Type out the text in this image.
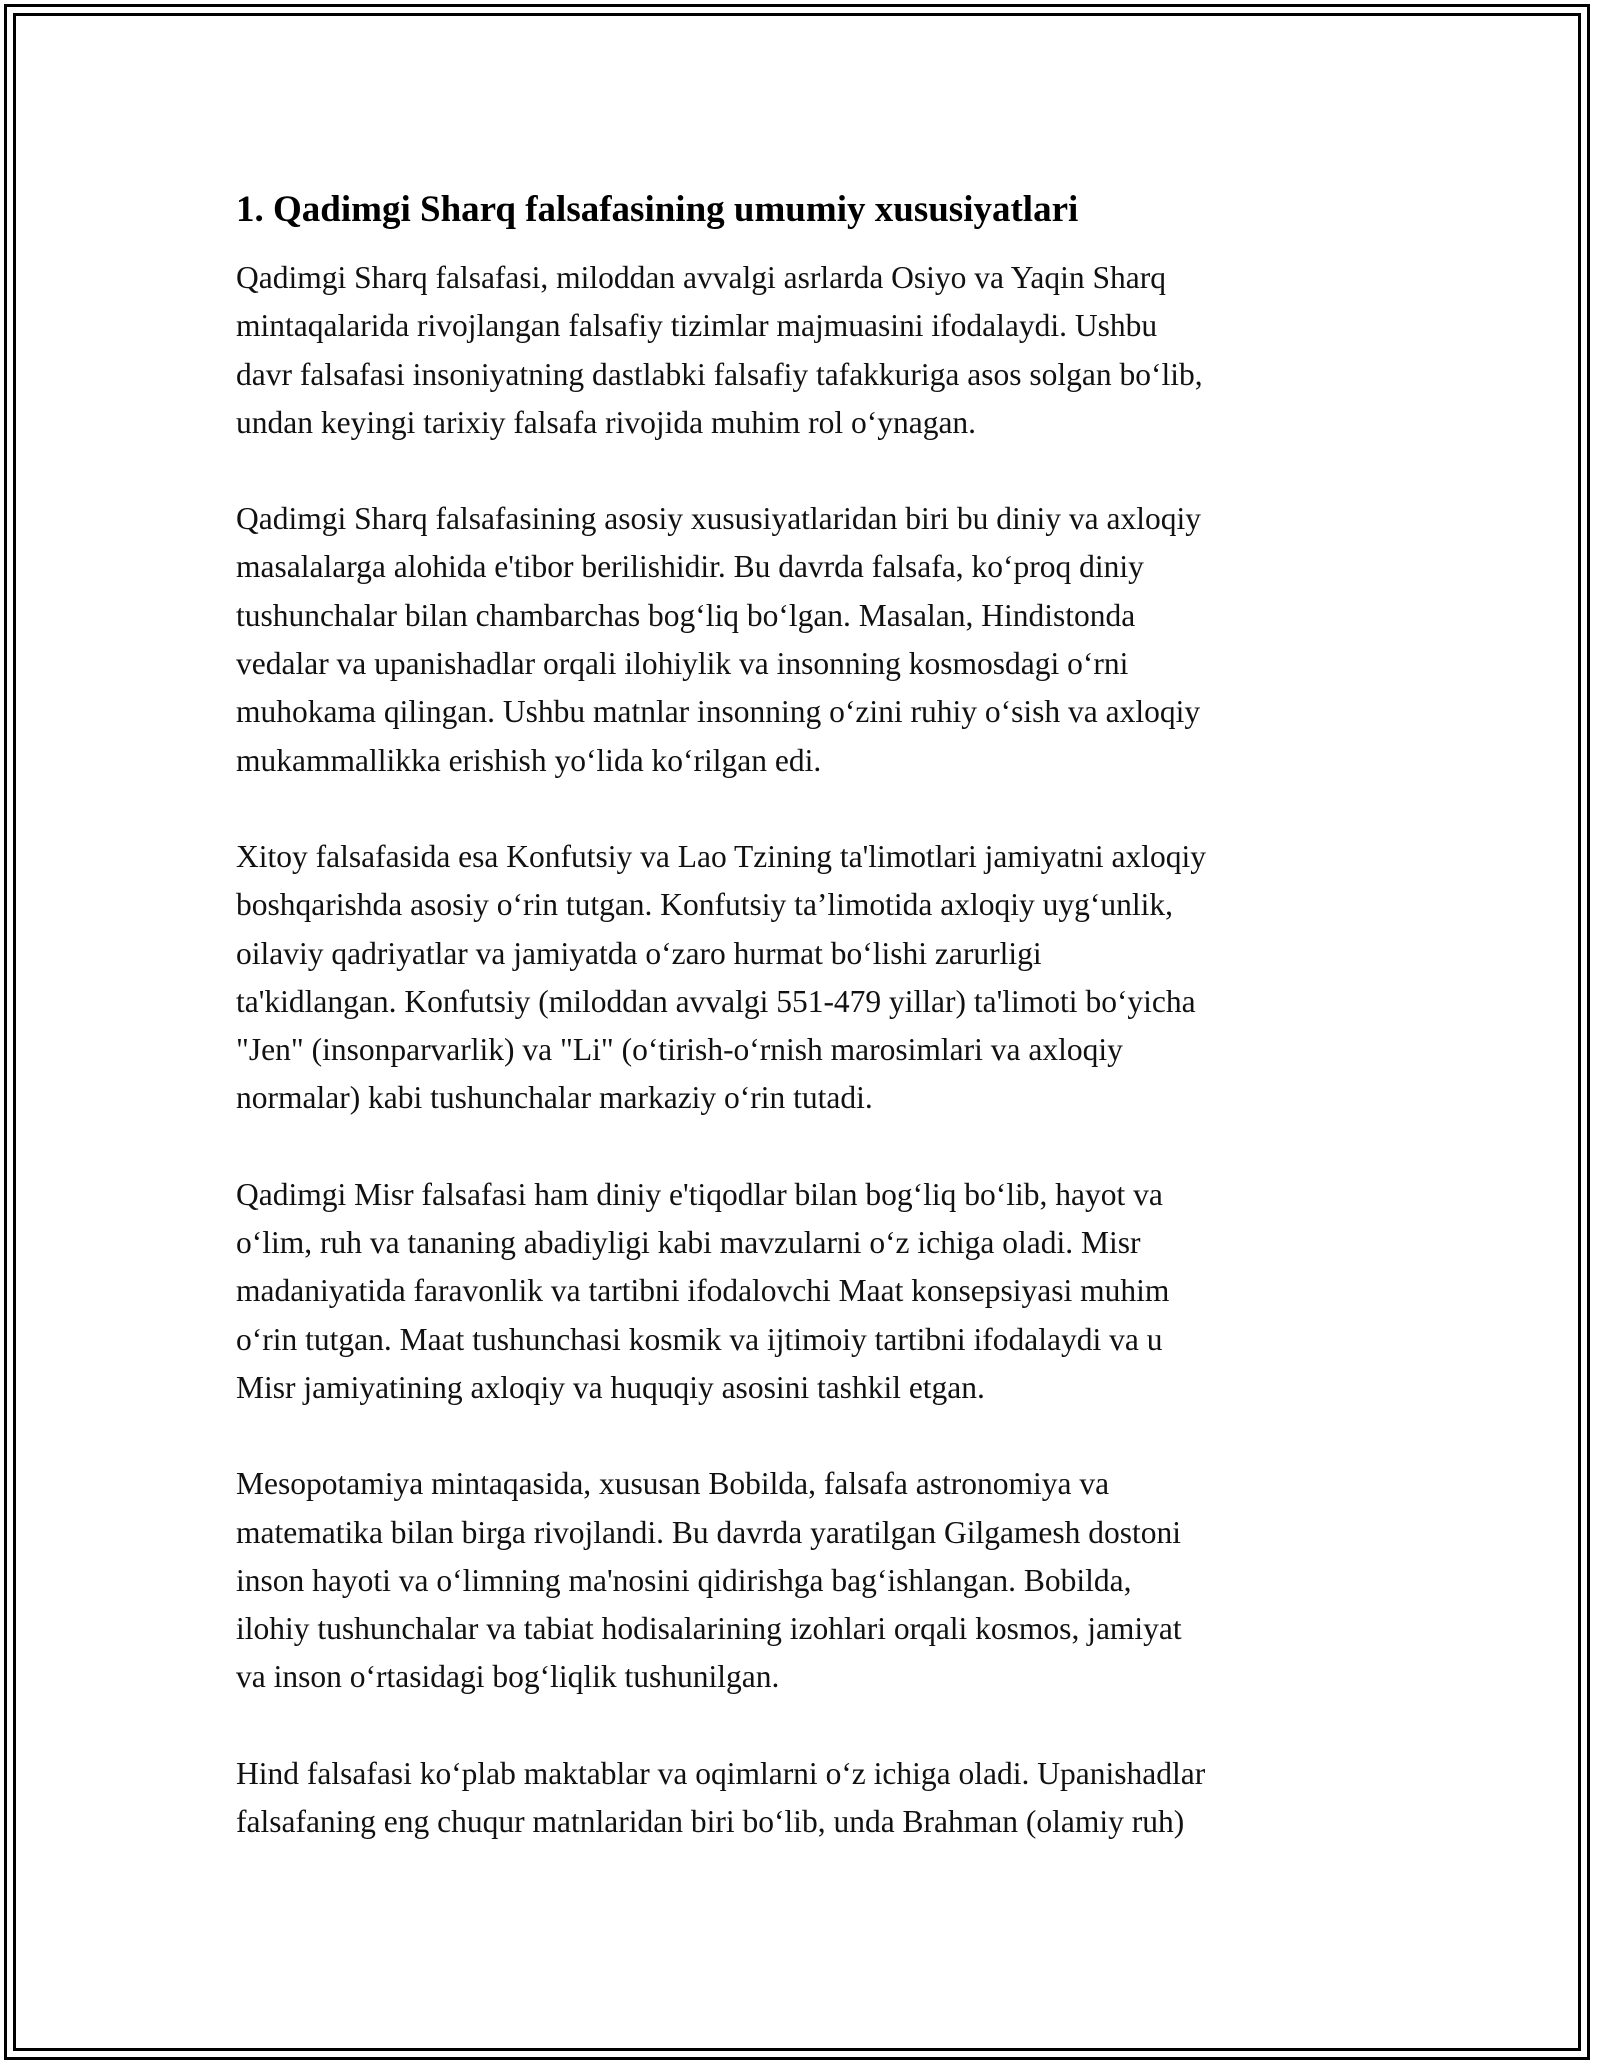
1. Qadimgi Sharq falsafasining umumiy xususiyatlari

Qadimgi Sharq falsafasi, miloddan avvalgi asrlarda Osiyo va Yaqin Sharq
mintaqalarida rivojlangan falsafiy tizimlar majmuasini ifodalaydi. Ushbu
davr falsafasi insoniyatning dastlabki falsafiy tafakkuriga asos solgan bo‘lib,
undan keyingi tarixiy falsafa rivojida muhim rol o‘ynagan.

Qadimgi Sharq falsafasining asosiy xususiyatlaridan biri bu diniy va axloqiy
masalalarga alohida e'tibor berilishidir. Bu davrda falsafa, ko‘proq diniy
tushunchalar bilan chambarchas bog‘liq bo‘lgan. Masalan, Hindistonda
vedalar va upanishadlar orqali ilohiylik va insonning kosmosdagi o‘rni
muhokama qilingan. Ushbu matnlar insonning o‘zini ruhiy o‘sish va axloqiy
mukammallikka erishish yo‘lida ko‘rilgan edi.

Xitoy falsafasida esa Konfutsiy va Lao Tzining ta'limotlari jamiyatni axloqiy
boshqarishda asosiy o‘rin tutgan. Konfutsiy ta’limotida axloqiy uyg‘unlik,
oilaviy qadriyatlar va jamiyatda o‘zaro hurmat bo‘lishi zarurligi
ta'kidlangan. Konfutsiy (miloddan avvalgi 551-479 yillar) ta'limoti bo‘yicha
"Jen" (insonparvarlik) va "Li" (o‘tirish-o‘rnish marosimlari va axloqiy
normalar) kabi tushunchalar markaziy o‘rin tutadi.

Qadimgi Misr falsafasi ham diniy e'tiqodlar bilan bog‘liq bo‘lib, hayot va
o‘lim, ruh va tananing abadiyligi kabi mavzularni o‘z ichiga oladi. Misr
madaniyatida faravonlik va tartibni ifodalovchi Maat konsepsiyasi muhim
o‘rin tutgan. Maat tushunchasi kosmik va ijtimoiy tartibni ifodalaydi va u
Misr jamiyatining axloqiy va huquqiy asosini tashkil etgan.

Mesopotamiya mintaqasida, xususan Bobilda, falsafa astronomiya va
matematika bilan birga rivojlandi. Bu davrda yaratilgan Gilgamesh dostoni
inson hayoti va o‘limning ma'nosini qidirishga bag‘ishlangan. Bobilda,
ilohiy tushunchalar va tabiat hodisalarining izohlari orqali kosmos, jamiyat
va inson o‘rtasidagi bog‘liqlik tushunilgan.

Hind falsafasi ko‘plab maktablar va oqimlarni o‘z ichiga oladi. Upanishadlar
falsafaning eng chuqur matnlaridan biri bo‘lib, unda Brahman (olamiy ruh)
